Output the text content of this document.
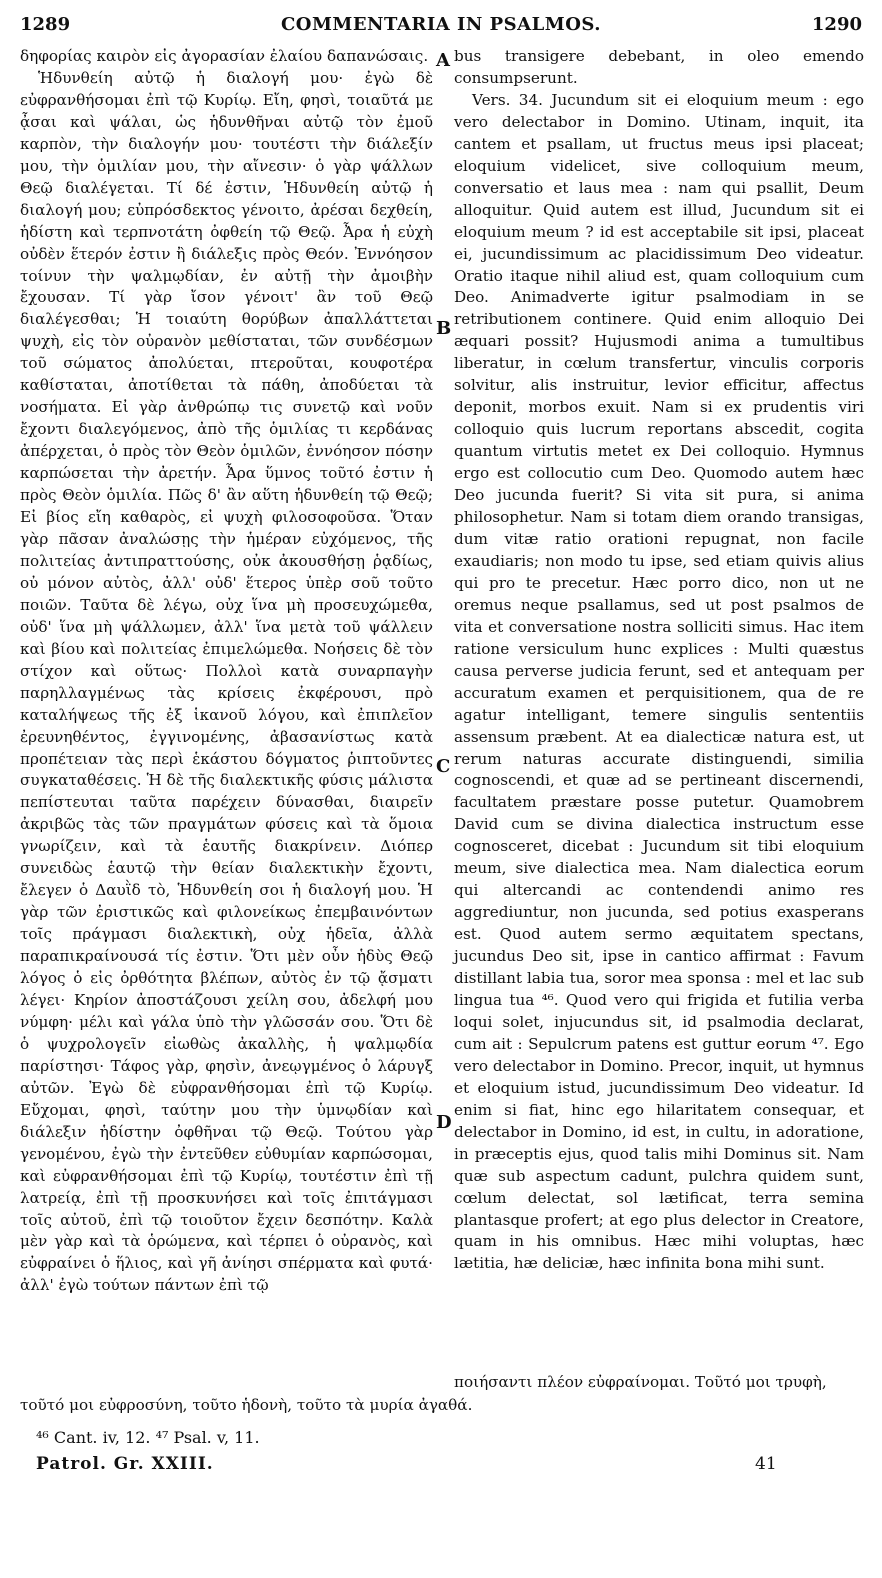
1289	COMMENTARIA IN PSALMOS.	1290

δηφορίας καιρὸν εἰς ἀγορασίαν ἐλαίου δαπανώσαις.

Ἡδυνθείη αὐτῷ ἡ διαλογή μου· ἐγὼ δὲ εὐφρανθήσομαι ἐπὶ τῷ Κυρίῳ. Εἴη, φησὶ, τοιαῦτά με ᾆσαι καὶ ψάλαι, ὡς ἡδυνθῆναι αὐτῷ τὸν ἐμοῦ καρπὸν, τὴν διαλογήν μου· τουτέστι τὴν διάλεξίν μου, τὴν ὁμιλίαν μου, τὴν αἴνεσιν· ὁ γὰρ ψάλλων Θεῷ διαλέγεται. Τί δέ ἐστιν, Ἡδυνθείη αὐτῷ ἡ διαλογή μου; εὐπρόσδεκτος γένοιτο, ἀρέσαι δεχθείη, ἡδίστη καὶ τερπνοτάτη ὀφθείη τῷ Θεῷ. Ἆρα ἡ εὐχὴ οὐδὲν ἕτερόν ἐστιν ἢ διάλεξις πρὸς Θεόν. Ἐννόησον τοίνυν τὴν ψαλμῳδίαν, ἐν αὐτῇ τὴν ἀμοιβὴν ἔχουσαν. Τί γὰρ ἴσον γένοιτ' ἂν τοῦ Θεῷ διαλέγεσθαι; Ἡ τοιαύτη θορύβων ἀπαλλάττεται ψυχὴ, εἰς τὸν οὐρανὸν μεθίσταται, τῶν συνδέσμων τοῦ σώματος ἀπολύεται, πτεροῦται, κουφοτέρα καθίσταται, ἀποτίθεται τὰ πάθη, ἀποδύεται τὰ νοσήματα. Εἰ γὰρ ἀνθρώπῳ τις συνετῷ καὶ νοῦν ἔχοντι διαλεγόμενος, ἀπὸ τῆς ὁμιλίας τι κερδάνας ἀπέρχεται, ὁ πρὸς τὸν Θεὸν ὁμιλῶν, ἐννόησον πόσην καρπώσεται τὴν ἀρετήν. Ἆρα ὕμνος τοῦτό ἐστιν ἡ πρὸς Θεὸν ὁμιλία. Πῶς δ' ἂν αὕτη ἡδυνθείη τῷ Θεῷ; Εἰ βίος εἴη καθαρὸς, εἰ ψυχὴ φιλοσοφοῦσα. Ὅταν γὰρ πᾶσαν ἀναλώσῃς τὴν ἡμέραν εὐχόμενος, τῆς πολιτείας ἀντιπραττούσης, οὐκ ἀκουσθήσῃ ῥᾳδίως, οὐ μόνον αὐτὸς, ἀλλ' οὐδ' ἕτερος ὑπὲρ σοῦ τοῦτο ποιῶν. Ταῦτα δὲ λέγω, οὐχ ἵνα μὴ προσευχώμεθα, οὐδ' ἵνα μὴ ψάλλωμεν, ἀλλ' ἵνα μετὰ τοῦ ψάλλειν καὶ βίου καὶ πολιτείας ἐπιμελώμεθα. Νοήσεις δὲ τὸν στίχον καὶ οὕτως· Πολλοὶ κατὰ συναρπαγὴν παρηλλαγμένως τὰς κρίσεις ἐκφέρουσι, πρὸ καταλήψεως τῆς ἐξ ἱκανοῦ λόγου, καὶ ἐπιπλεῖον ἐρευνηθέντος, ἐγγινομένης, ἀβασανίστως κατὰ προπέτειαν τὰς περὶ ἑκάστου δόγματος ῥιπτοῦντες συγκαταθέσεις. Ἡ δὲ τῆς διαλεκτικῆς φύσις μάλιστα πεπίστευται ταῦτα παρέχειν δύνασθαι, διαιρεῖν ἀκριβῶς τὰς τῶν πραγμάτων φύσεις καὶ τὰ ὅμοια γνωρίζειν, καὶ τὰ ἑαυτῆς διακρίνειν. Διόπερ συνειδὼς ἑαυτῷ τὴν θείαν διαλεκτικὴν ἔχοντι, ἔλεγεν ὁ Δαυῒδ τὸ, Ἡδυνθείη σοι ἡ διαλογή μου. Ἡ γὰρ τῶν ἐριστικῶς καὶ φιλονείκως ἐπεμβαινόντων τοῖς πράγμασι διαλεκτικὴ, οὐχ ἡδεῖα, ἀλλὰ παραπικραίνουσά τίς ἐστιν. Ὅτι μὲν οὖν ἡδὺς Θεῷ λόγος ὁ εἰς ὀρθότητα βλέπων, αὐτὸς ἐν τῷ ᾄσματι λέγει· Κηρίον ἀποστάζουσι χείλη σου, ἀδελφή μου νύμφη· μέλι καὶ γάλα ὑπὸ τὴν γλῶσσάν σου. Ὅτι δὲ ὁ ψυχρολογεῖν εἰωθὼς ἀκαλλὴς, ἡ ψαλμῳδία παρίστησι· Τάφος γὰρ, φησὶν, ἀνεῳγμένος ὁ λάρυγξ αὐτῶν. Ἐγὼ δὲ εὐφρανθήσομαι ἐπὶ τῷ Κυρίῳ. Εὔχομαι, φησὶ, ταύτην μου τὴν ὑμνῳδίαν καὶ διάλεξιν ἡδίστην ὀφθῆναι τῷ Θεῷ. Τούτου γὰρ γενομένου, ἐγὼ τὴν ἐντεῦθεν εὐθυμίαν καρπώσομαι, καὶ εὐφρανθήσομαι ἐπὶ τῷ Κυρίῳ, τουτέστιν ἐπὶ τῇ λατρείᾳ, ἐπὶ τῇ προσκυνήσει καὶ τοῖς ἐπιτάγμασι τοῖς αὐτοῦ, ἐπὶ τῷ τοιοῦτον ἔχειν δεσπότην. Καλὰ μὲν γὰρ καὶ τὰ ὁρώμενα, καὶ τέρπει ὁ οὐρανὸς, καὶ εὐφραίνει ὁ ἥλιος, καὶ γῆ ἀνίησι σπέρματα καὶ φυτά· ἀλλ' ἐγὼ τούτων πάντων ἐπὶ τῷ

A
B
C
D

bus transigere debebant, in oleo emendo consumpserunt.

Vers. 34. Jucundum sit ei eloquium meum : ego vero delectabor in Domino. Utinam, inquit, ita cantem et psallam, ut fructus meus ipsi placeat; eloquium videlicet, sive colloquium meum, conversatio et laus mea : nam qui psallit, Deum alloquitur. Quid autem est illud, Jucundum sit ei eloquium meum ? id est acceptabile sit ipsi, placeat ei, jucundissimum ac placidissimum Deo videatur. Oratio itaque nihil aliud est, quam colloquium cum Deo. Animadverte igitur psalmodiam in se retributionem continere. Quid enim alloquio Dei æquari possit? Hujusmodi anima a tumultibus liberatur, in cœlum transfertur, vinculis corporis solvitur, alis instruitur, levior efficitur, affectus deponit, morbos exuit. Nam si ex prudentis viri colloquio quis lucrum reportans abscedit, cogita quantum virtutis metet ex Dei colloquio. Hymnus ergo est collocutio cum Deo. Quomodo autem hæc Deo jucunda fuerit? Si vita sit pura, si anima philosophetur. Nam si totam diem orando transigas, dum vitæ ratio orationi repugnat, non facile exaudiaris; non modo tu ipse, sed etiam quivis alius qui pro te precetur. Hæc porro dico, non ut ne oremus neque psallamus, sed ut post psalmos de vita et conversatione nostra solliciti simus. Hac item ratione versiculum hunc explices : Multi quæstus causa perverse judicia ferunt, sed et antequam per accuratum examen et perquisitionem, qua de re agatur intelligant, temere singulis sententiis assensum præbent. At ea dialecticæ natura est, ut rerum naturas accurate distinguendi, similia cognoscendi, et quæ ad se pertineant discernendi, facultatem præstare posse putetur. Quamobrem David cum se divina dialectica instructum esse cognosceret, dicebat : Jucundum sit tibi eloquium meum, sive dialectica mea. Nam dialectica eorum qui altercandi ac contendendi animo res aggrediuntur, non jucunda, sed potius exasperans est. Quod autem sermo æquitatem spectans, jucundus Deo sit, ipse in cantico affirmat : Favum distillant labia tua, soror mea sponsa : mel et lac sub lingua tua ⁴⁶. Quod vero qui frigida et futilia verba loqui solet, injucundus sit, id psalmodia declarat, cum ait : Sepulcrum patens est guttur eorum ⁴⁷. Ego vero delectabor in Domino. Precor, inquit, ut hymnus et eloquium istud, jucundissimum Deo videatur. Id enim si fiat, hinc ego hilaritatem consequar, et delectabor in Domino, id est, in cultu, in adoratione, in præceptis ejus, quod talis mihi Dominus sit. Nam quæ sub aspectum cadunt, pulchra quidem sunt, cœlum delectat, sol lætificat, terra semina plantasque profert; at ego plus delector in Creatore, quam in his omnibus. Hæc mihi voluptas, hæc lætitia, hæ deliciæ, hæc infinita bona mihi sunt.

ποιήσαντι πλέον εὐφραίνομαι. Τοῦτό μοι τρυφὴ,
τοῦτό μοι εὐφροσύνη, τοῦτο ἡδονὴ, τοῦτο τὰ μυρία ἀγαθά.
⁴⁶ Cant. iv, 12. ⁴⁷ Psal. v, 11.
Patrol. Gr. XXIII.	41
